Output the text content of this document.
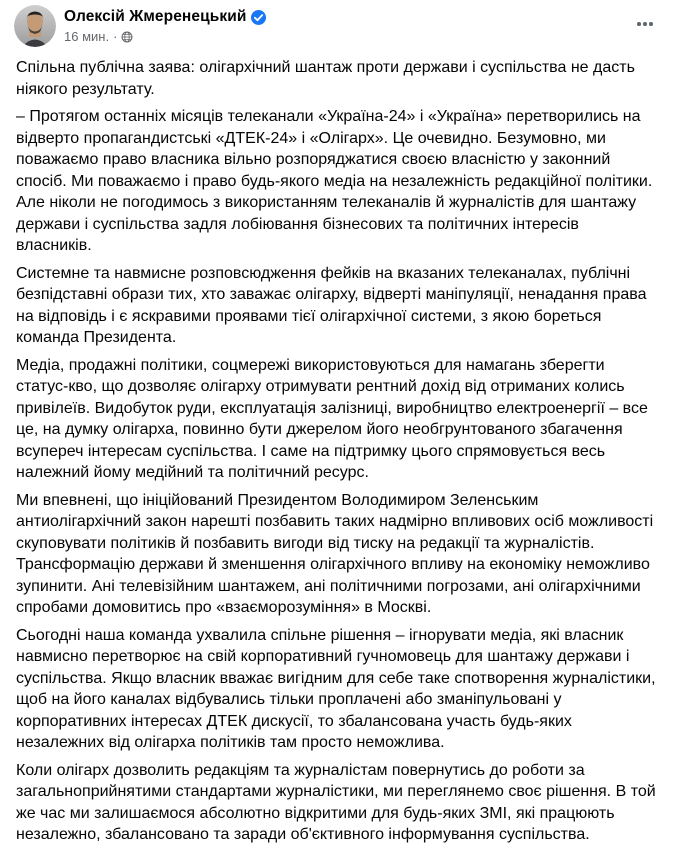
Олексій Жмеренецький
16 мин. ·

Спільна публічна заява: олігархічний шантаж проти держави і суспільства не дасть ніякого результату.

– Протягом останніх місяців телеканали «Україна-24» і «Україна» перетворились на відверто пропагандистські «ДТЕК-24» і «Олігарх». Це очевидно. Безумовно, ми поважаємо право власника вільно розпоряджатися своєю власністю у законний спосіб. Ми поважаємо і право будь-якого медіа на незалежність редакційної політики. Але ніколи не погодимось з використанням телеканалів й журналістів для шантажу держави і суспільства задля лобіювання бізнесових та політичних інтересів власників.

Системне та навмисне розповсюдження фейків на вказаних телеканалах, публічні безпідставні образи тих, хто заважає олігарху, відверті маніпуляції, ненадання права на відповідь і є яскравими проявами тієї олігархічної системи, з якою бореться команда Президента.

Медіа, продажні політики, соцмережі використовуються для намагань зберегти статус-кво, що дозволяє олігарху отримувати рентний дохід від отриманих колись привілеїв. Видобуток руди, експлуатація залізниці, виробництво електроенергії – все це, на думку олігарха, повинно бути джерелом його необгрунтованого збагачення всупереч інтересам суспільства. І саме на підтримку цього спрямовується весь належний йому медійний та політичний ресурс.

Ми впевнені, що ініційований Президентом Володимиром Зеленським антиолігархічний закон нарешті позбавить таких надмірно впливових осіб можливості скуповувати політиків й позбавить вигоди від тиску на редакції та журналістів. Трансформацію держави й зменшення олігархічного впливу на економіку неможливо зупинити. Ані телевізійним шантажем, ані політичними погрозами, ані олігархічними спробами домовитись про «взаєморозуміння» в Москві.

Сьогодні наша команда ухвалила спільне рішення – ігнорувати медіа, які власник навмисно перетворює на свій корпоративний гучномовець для шантажу держави і суспільства. Якщо власник вважає вигідним для себе таке спотворення журналістики, щоб на його каналах відбувались тільки проплачені або зманіпульовані у корпоративних інтересах ДТЕК дискусії, то збалансована участь будь-яких незалежних від олігарха політиків там просто неможлива.

Коли олігарх дозволить редакціям та журналістам повернутись до роботи за загальноприйнятими стандартами журналістики, ми переглянемо своє рішення. В той же час ми залишаємося абсолютно відкритими для будь-яких ЗМІ, які працюють незалежно, збалансовано та заради об'єктивного інформування суспільства.
